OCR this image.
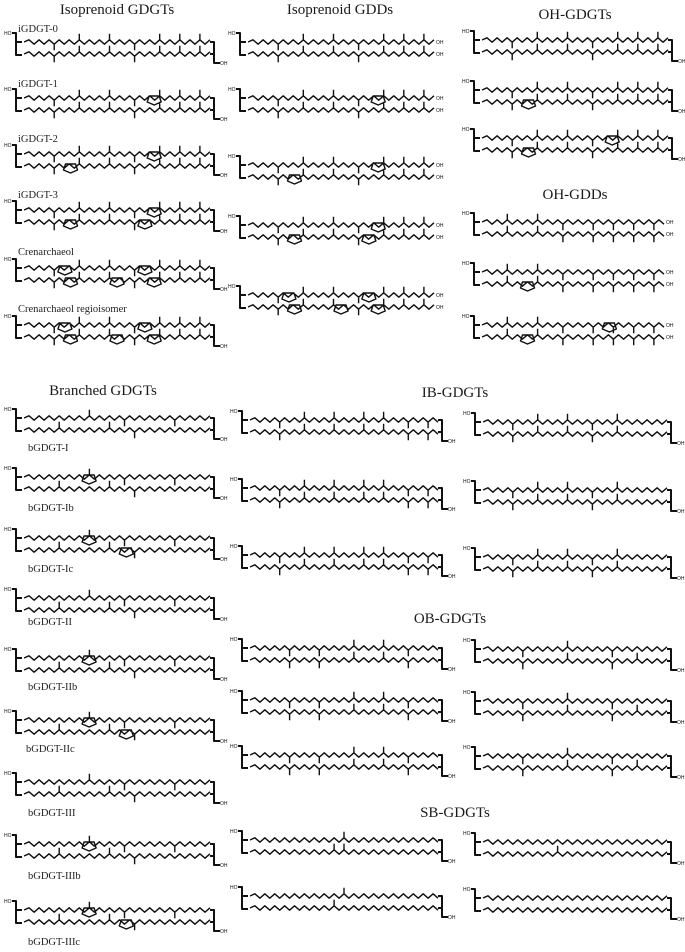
Isoprenoid GDGTs	Isoprenoid GDDs	OH-GDGTs
OH-GDDs
Branched GDGTs	IB-GDGTs
OB-GDGTs
SB-GDGTs
iGDGT-0
iGDGT-1
iGDGT-2
iGDGT-3
Crenarchaeol
Crenarchaeol regioisomer
bGDGT-I
bGDGT-Ib
bGDGT-Ic
bGDGT-II
bGDGT-IIb
bGDGT-IIc
bGDGT-III
bGDGT-IIIb
bGDGT-IIIc
HO
OH
HO
OH
HO
OH
HO
OH
HO
OH
HO
OH
HO
OH
OH
HO
OH
OH
HO
OH
OH
HO
OH
OH
HO
OH
OH
HO
OH
HO
OH
HO
OH
HO
OH
OH
HO
OH
OH
HO
OH
OH
HO
OH
HO
OH
HO
OH
HO
OH
HO
OH
HO
OH
HO
OH
HO
OH
HO
OH
HO
OH
HO
OH
HO
OH
HO
OH
HO
OH
HO
OH
HO
OH
HO
OH
HO
OH
HO
OH
HO
OH
HO
OH
HO
OH
HO
OH
HO
OH
HO
OH
